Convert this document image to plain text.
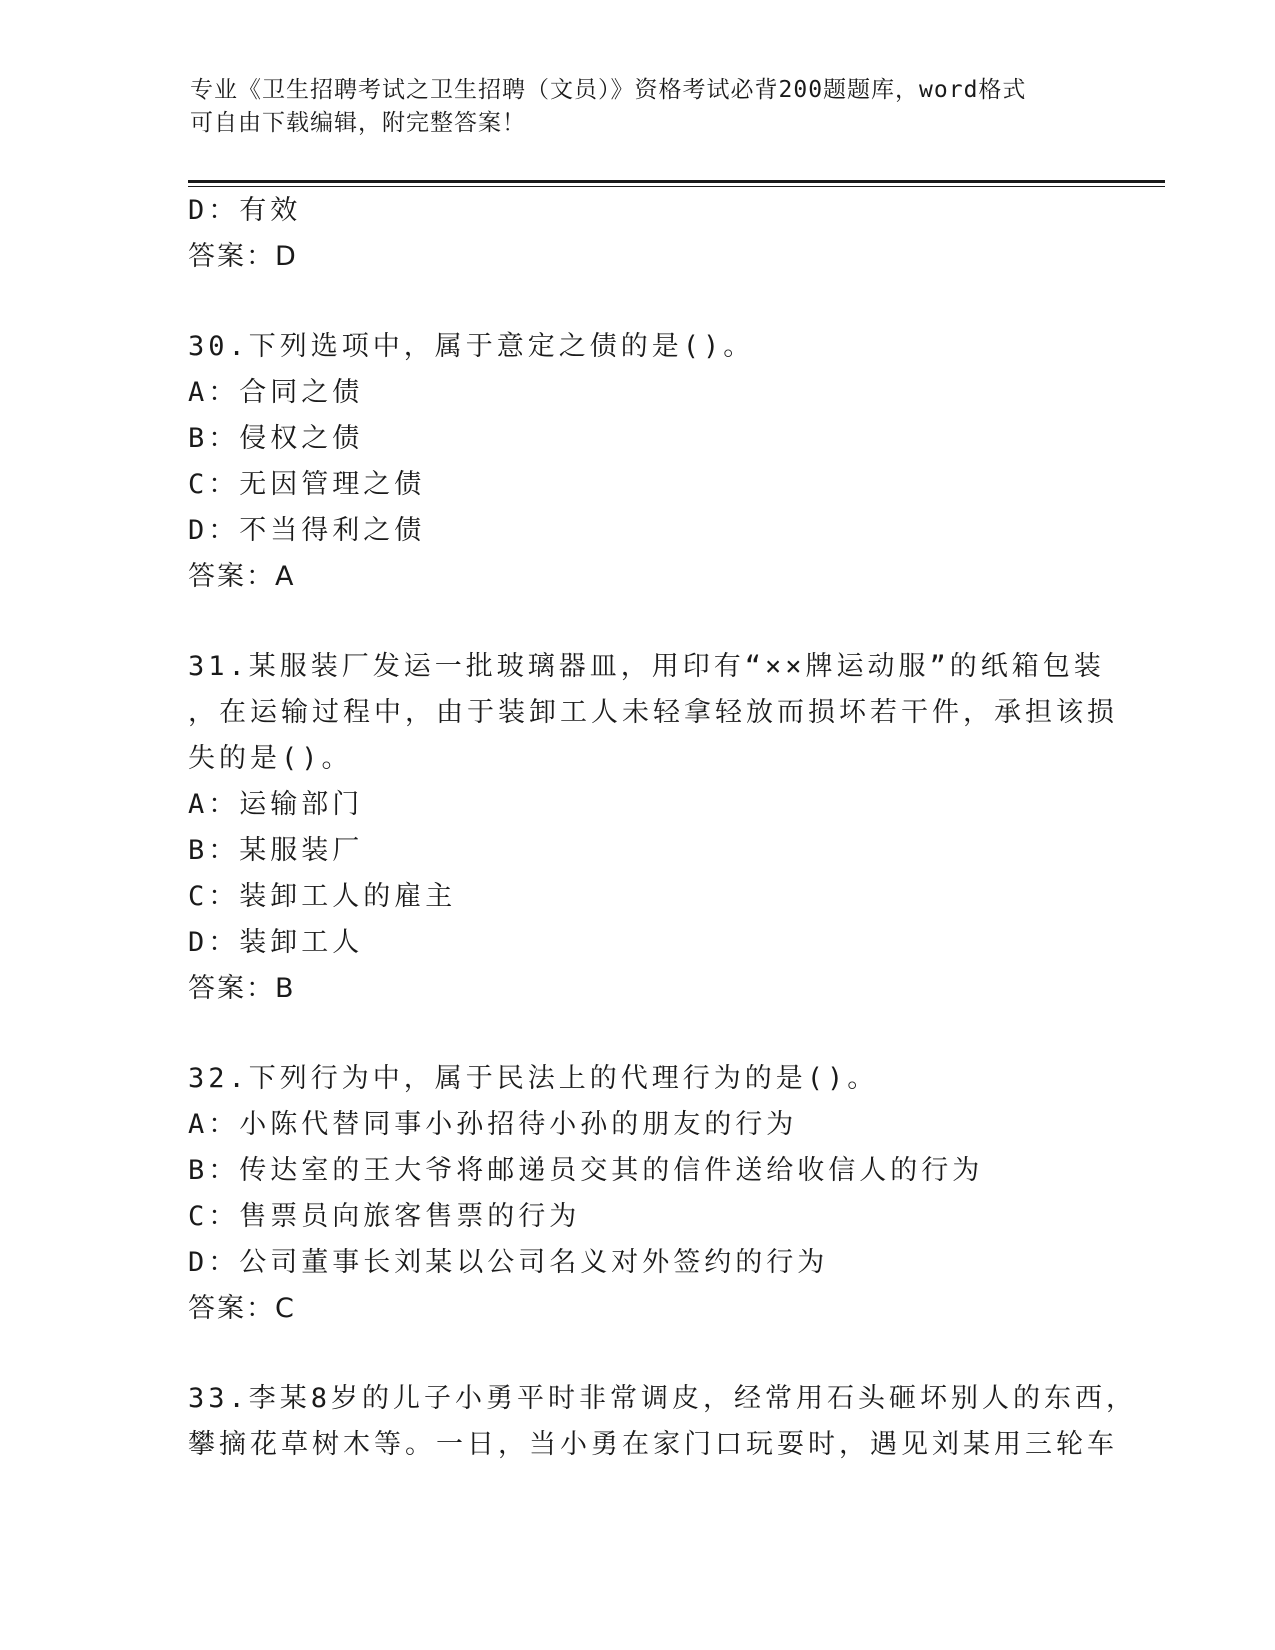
专业《卫生招聘考试之卫生招聘（文员）》资格考试必背200题题库，word格式
可自由下载编辑，附完整答案！
D：有效
答案：D
30.下列选项中，属于意定之债的是()。
A：合同之债
B：侵权之债
C：无因管理之债
D：不当得利之债
答案：A
31.某服装厂发运一批玻璃器皿，用印有“××牌运动服”的纸箱包装
，在运输过程中，由于装卸工人未轻拿轻放而损坏若干件，承担该损
失的是()。
A：运输部门
B：某服装厂
C：装卸工人的雇主
D：装卸工人
答案：B
32.下列行为中，属于民法上的代理行为的是()。
A：小陈代替同事小孙招待小孙的朋友的行为
B：传达室的王大爷将邮递员交其的信件送给收信人的行为
C：售票员向旅客售票的行为
D：公司董事长刘某以公司名义对外签约的行为
答案：C
33.李某8岁的儿子小勇平时非常调皮，经常用石头砸坏别人的东西，
攀摘花草树木等。一日，当小勇在家门口玩耍时，遇见刘某用三轮车
